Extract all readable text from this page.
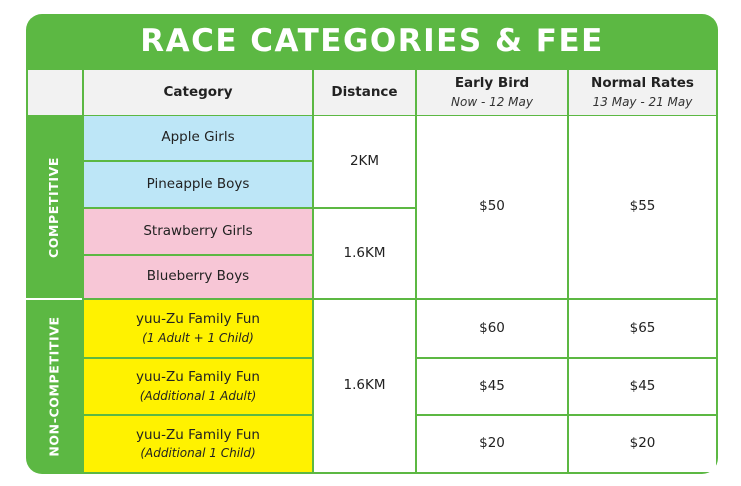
RACE CATEGORIES & FEE
Category	Distance
Early Bird
Now - 12 May
Normal Rates
13 May - 21 May
COMPETITIVE
NON-COMPETITIVE
Apple Girls
Pineapple Boys
Strawberry Girls
Blueberry Boys
2KM
1.6KM
$50	$55
yuu-Zu Family Fun
(1 Adult + 1 Child)
yuu-Zu Family Fun
(Additional 1 Adult)
yuu-Zu Family Fun
(Additional 1 Child)
1.6KM
$60
$45
$20
$65
$45
$20
